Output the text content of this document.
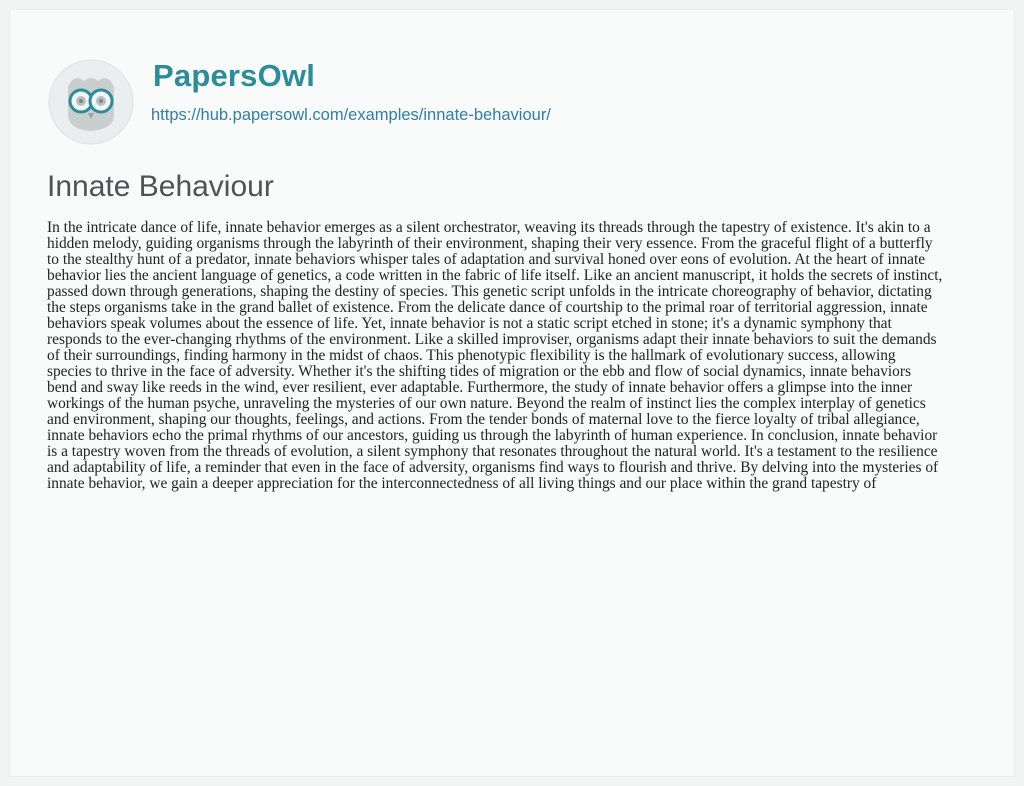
PapersOwl
https://hub.papersowl.com/examples/innate-behaviour/
Innate Behaviour
In the intricate dance of life, innate behavior emerges as a silent orchestrator, weaving its threads through the tapestry of existence. It's akin to a
hidden melody, guiding organisms through the labyrinth of their environment, shaping their very essence. From the graceful flight of a butterfly
to the stealthy hunt of a predator, innate behaviors whisper tales of adaptation and survival honed over eons of evolution. At the heart of innate
behavior lies the ancient language of genetics, a code written in the fabric of life itself. Like an ancient manuscript, it holds the secrets of instinct,
passed down through generations, shaping the destiny of species. This genetic script unfolds in the intricate choreography of behavior, dictating
the steps organisms take in the grand ballet of existence. From the delicate dance of courtship to the primal roar of territorial aggression, innate
behaviors speak volumes about the essence of life. Yet, innate behavior is not a static script etched in stone; it's a dynamic symphony that
responds to the ever-changing rhythms of the environment. Like a skilled improviser, organisms adapt their innate behaviors to suit the demands
of their surroundings, finding harmony in the midst of chaos. This phenotypic flexibility is the hallmark of evolutionary success, allowing
species to thrive in the face of adversity. Whether it's the shifting tides of migration or the ebb and flow of social dynamics, innate behaviors
bend and sway like reeds in the wind, ever resilient, ever adaptable. Furthermore, the study of innate behavior offers a glimpse into the inner
workings of the human psyche, unraveling the mysteries of our own nature. Beyond the realm of instinct lies the complex interplay of genetics
and environment, shaping our thoughts, feelings, and actions. From the tender bonds of maternal love to the fierce loyalty of tribal allegiance,
innate behaviors echo the primal rhythms of our ancestors, guiding us through the labyrinth of human experience. In conclusion, innate behavior
is a tapestry woven from the threads of evolution, a silent symphony that resonates throughout the natural world. It's a testament to the resilience
and adaptability of life, a reminder that even in the face of adversity, organisms find ways to flourish and thrive. By delving into the mysteries of
innate behavior, we gain a deeper appreciation for the interconnectedness of all living things and our place within the grand tapestry of
